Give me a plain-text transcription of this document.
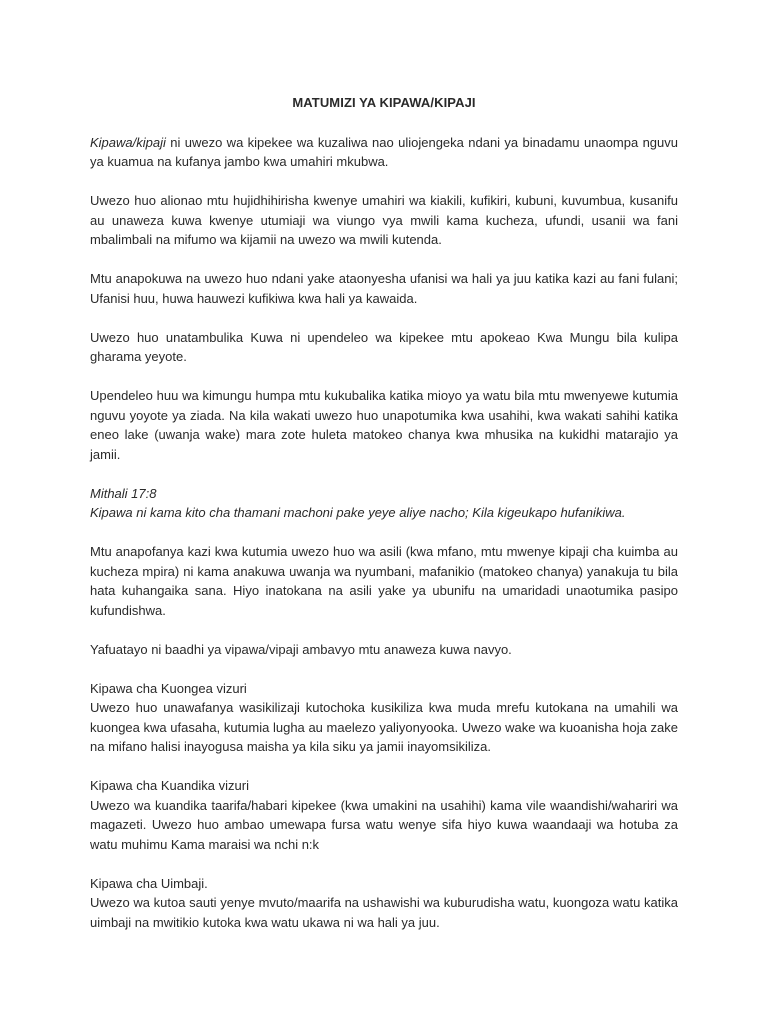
MATUMIZI YA KIPAWA/KIPAJI

Kipawa/kipaji ni uwezo wa kipekee wa kuzaliwa nao uliojengeka ndani ya binadamu unaompa nguvu ya kuamua na kufanya jambo kwa umahiri mkubwa.

Uwezo huo alionao mtu hujidhihirisha kwenye umahiri wa kiakili, kufikiri, kubuni, kuvumbua, kusanifu au unaweza kuwa kwenye utumiaji wa viungo vya mwili kama kucheza, ufundi, usanii wa fani mbalimbali na mifumo wa kijamii na uwezo wa mwili kutenda.

Mtu anapokuwa na uwezo huo ndani yake ataonyesha ufanisi wa hali ya juu katika kazi au fani fulani; Ufanisi huu, huwa hauwezi kufikiwa kwa hali ya kawaida.

Uwezo huo unatambulika Kuwa ni upendeleo wa kipekee mtu apokeao Kwa Mungu bila kulipa gharama yeyote.

Upendeleo huu wa kimungu humpa mtu kukubalika katika mioyo ya watu bila mtu mwenyewe kutumia nguvu yoyote ya ziada. Na kila wakati uwezo huo unapotumika kwa usahihi, kwa wakati sahihi katika eneo lake (uwanja wake) mara zote huleta matokeo chanya kwa mhusika na kukidhi matarajio ya jamii.

Mithali 17:8
Kipawa ni kama kito cha thamani machoni pake yeye aliye nacho; Kila kigeukapo hufanikiwa.

Mtu anapofanya kazi kwa kutumia uwezo huo wa asili (kwa mfano, mtu mwenye kipaji cha kuimba au kucheza mpira) ni kama anakuwa uwanja wa nyumbani, mafanikio (matokeo chanya) yanakuja tu bila hata kuhangaika sana. Hiyo inatokana na asili yake ya ubunifu na umaridadi unaotumika pasipo kufundishwa.

Yafuatayo ni baadhi ya vipawa/vipaji ambavyo mtu anaweza kuwa navyo.

Kipawa cha Kuongea vizuri
Uwezo huo unawafanya wasikilizaji kutochoka kusikiliza kwa muda mrefu kutokana na umahili wa kuongea kwa ufasaha, kutumia lugha au maelezo yaliyonyooka. Uwezo wake wa kuoanisha hoja zake na mifano halisi inayogusa maisha ya kila siku ya jamii inayomsikiliza.

Kipawa cha Kuandika vizuri
Uwezo wa kuandika taarifa/habari kipekee (kwa umakini na usahihi) kama vile waandishi/wahariri wa magazeti. Uwezo huo ambao umewapa fursa watu wenye sifa hiyo kuwa waandaaji wa hotuba za watu muhimu Kama maraisi wa nchi n:k

Kipawa cha Uimbaji.
Uwezo wa kutoa sauti yenye mvuto/maarifa na ushawishi wa kuburudisha watu, kuongoza watu katika uimbaji na mwitikio kutoka kwa watu ukawa ni wa hali ya juu.
